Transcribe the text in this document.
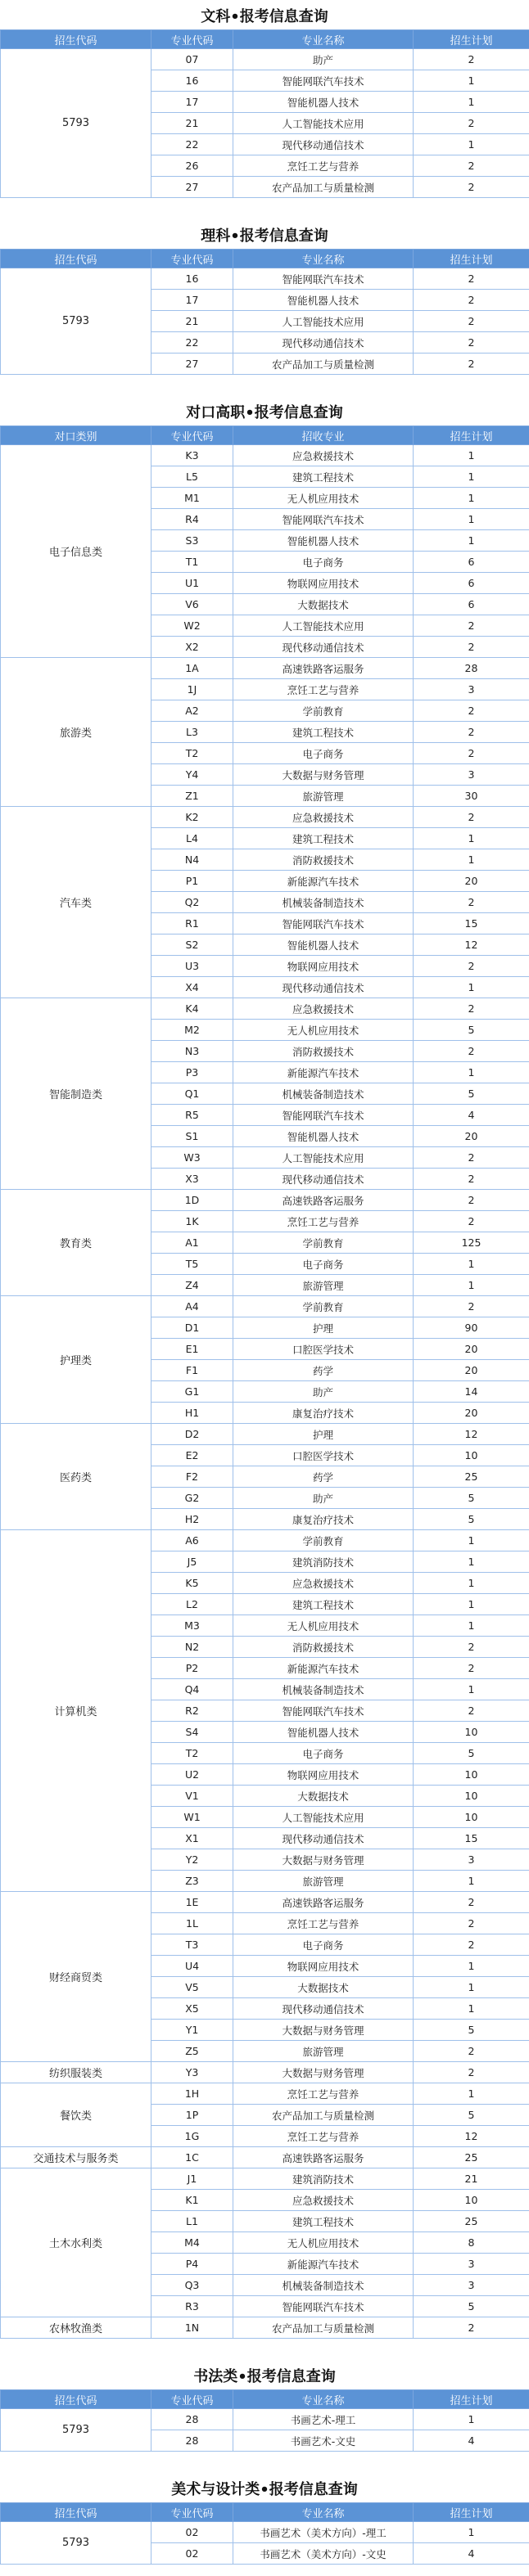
文科•报考信息查询
招生代码	专业代码	专业名称	招生计划
5793	07	助产	2
	16	智能网联汽车技术	1
	17	智能机器人技术	1
	21	人工智能技术应用	2
	22	现代移动通信技术	1
	26	烹饪工艺与营养	2
	27	农产品加工与质量检测	2
理科•报考信息查询
招生代码	专业代码	专业名称	招生计划
5793	16	智能网联汽车技术	2
	17	智能机器人技术	2
	21	人工智能技术应用	2
	22	现代移动通信技术	2
	27	农产品加工与质量检测	2
对口高职•报考信息查询
对口类别	专业代码	招收专业	招生计划
电子信息类	K3	应急救援技术	1
	L5	建筑工程技术	1
	M1	无人机应用技术	1
	R4	智能网联汽车技术	1
	S3	智能机器人技术	1
	T1	电子商务	6
	U1	物联网应用技术	6
	V6	大数据技术	6
	W2	人工智能技术应用	2
	X2	现代移动通信技术	2
旅游类	1A	高速铁路客运服务	28
	1J	烹饪工艺与营养	3
	A2	学前教育	2
	L3	建筑工程技术	2
	T2	电子商务	2
	Y4	大数据与财务管理	3
	Z1	旅游管理	30
汽车类	K2	应急救援技术	2
	L4	建筑工程技术	1
	N4	消防救援技术	1
	P1	新能源汽车技术	20
	Q2	机械装备制造技术	2
	R1	智能网联汽车技术	15
	S2	智能机器人技术	12
	U3	物联网应用技术	2
	X4	现代移动通信技术	1
智能制造类	K4	应急救援技术	2
	M2	无人机应用技术	5
	N3	消防救援技术	2
	P3	新能源汽车技术	1
	Q1	机械装备制造技术	5
	R5	智能网联汽车技术	4
	S1	智能机器人技术	20
	W3	人工智能技术应用	2
	X3	现代移动通信技术	2
教育类	1D	高速铁路客运服务	2
	1K	烹饪工艺与营养	2
	A1	学前教育	125
	T5	电子商务	1
	Z4	旅游管理	1
护理类	A4	学前教育	2
	D1	护理	90
	E1	口腔医学技术	20
	F1	药学	20
	G1	助产	14
	H1	康复治疗技术	20
医药类	D2	护理	12
	E2	口腔医学技术	10
	F2	药学	25
	G2	助产	5
	H2	康复治疗技术	5
计算机类	A6	学前教育	1
	J5	建筑消防技术	1
	K5	应急救援技术	1
	L2	建筑工程技术	1
	M3	无人机应用技术	1
	N2	消防救援技术	2
	P2	新能源汽车技术	2
	Q4	机械装备制造技术	1
	R2	智能网联汽车技术	2
	S4	智能机器人技术	10
	T2	电子商务	5
	U2	物联网应用技术	10
	V1	大数据技术	10
	W1	人工智能技术应用	10
	X1	现代移动通信技术	15
	Y2	大数据与财务管理	3
	Z3	旅游管理	1
财经商贸类	1E	高速铁路客运服务	2
	1L	烹饪工艺与营养	2
	T3	电子商务	2
	U4	物联网应用技术	1
	V5	大数据技术	1
	X5	现代移动通信技术	1
	Y1	大数据与财务管理	5
	Z5	旅游管理	2
纺织服装类	Y3	大数据与财务管理	2
餐饮类	1H	烹饪工艺与营养	1
	1P	农产品加工与质量检测	5
	1G	烹饪工艺与营养	12
交通技术与服务类	1C	高速铁路客运服务	25
土木水利类	J1	建筑消防技术	21
	K1	应急救援技术	10
	L1	建筑工程技术	25
	M4	无人机应用技术	8
	P4	新能源汽车技术	3
	Q3	机械装备制造技术	3
	R3	智能网联汽车技术	5
农林牧渔类	1N	农产品加工与质量检测	2
书法类•报考信息查询
招生代码	专业代码	专业名称	招生计划
5793	28	书画艺术-理工	1
	28	书画艺术-文史	4
美术与设计类•报考信息查询
招生代码	专业代码	专业名称	招生计划
5793	02	书画艺术（美术方向）-理工	1
	02	书画艺术（美术方向）-文史	4
